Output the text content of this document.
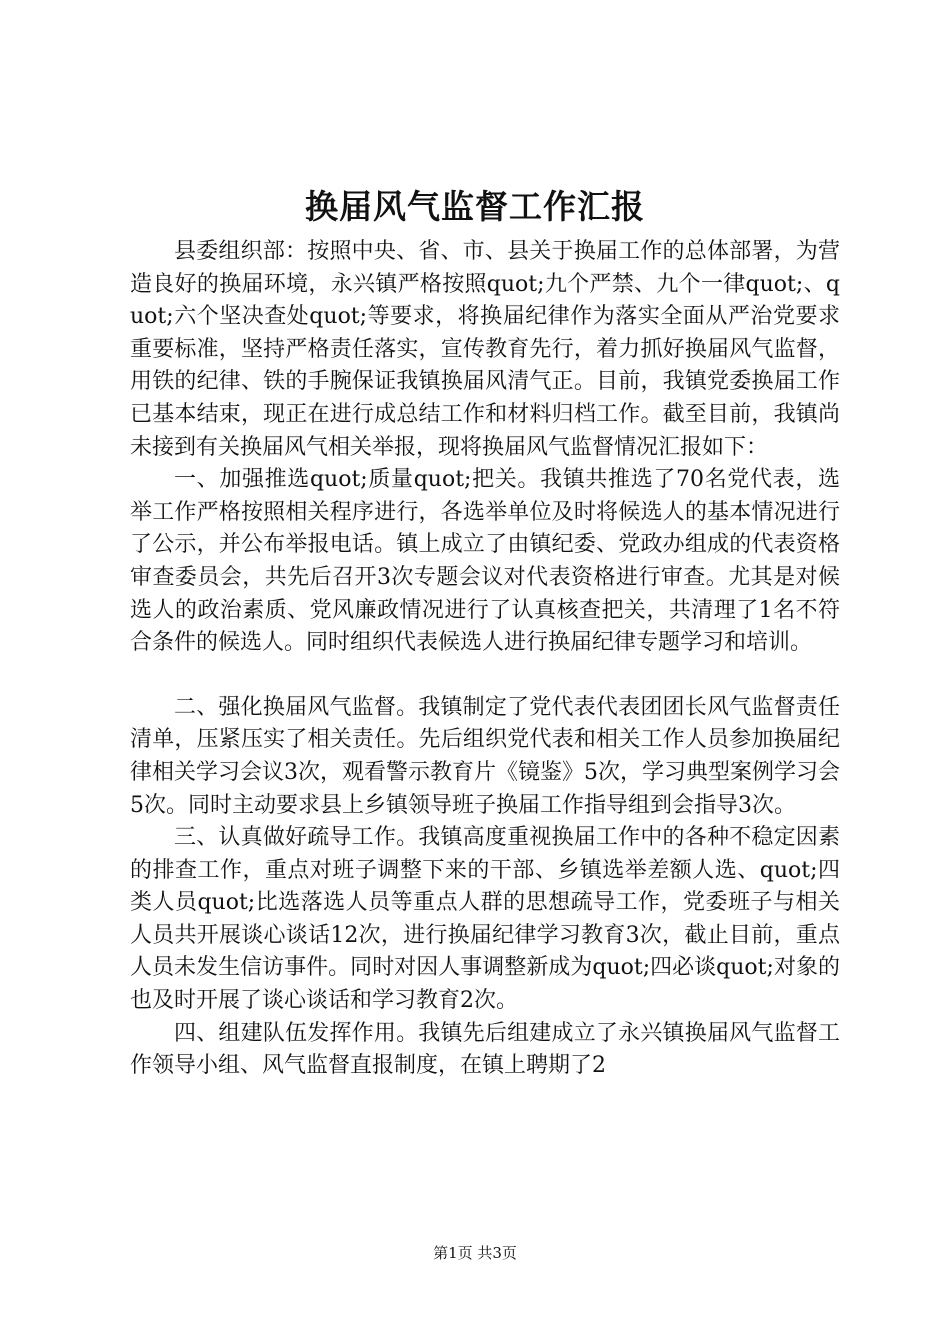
换届风气监督工作汇报

县委组织部：按照中央、省、市、县关于换届工作的总体部署，为营造良好的换届环境，永兴镇严格按照quot;九个严禁、九个一律quot;、quot;六个坚决查处quot;等要求，将换届纪律作为落实全面从严治党要求重要标准，坚持严格责任落实，宣传教育先行，着力抓好换届风气监督，用铁的纪律、铁的手腕保证我镇换届风清气正。目前，我镇党委换届工作已基本结束，现正在进行成总结工作和材料归档工作。截至目前，我镇尚未接到有关换届风气相关举报，现将换届风气监督情况汇报如下：

一、加强推选quot;质量quot;把关。我镇共推选了70名党代表，选举工作严格按照相关程序进行，各选举单位及时将候选人的基本情况进行了公示，并公布举报电话。镇上成立了由镇纪委、党政办组成的代表资格审查委员会，共先后召开3次专题会议对代表资格进行审查。尤其是对候选人的政治素质、党风廉政情况进行了认真核查把关，共清理了1名不符合条件的候选人。同时组织代表候选人进行换届纪律专题学习和培训。

二、强化换届风气监督。我镇制定了党代表代表团团长风气监督责任清单，压紧压实了相关责任。先后组织党代表和相关工作人员参加换届纪律相关学习会议3次，观看警示教育片《镜鉴》5次，学习典型案例学习会5次。同时主动要求县上乡镇领导班子换届工作指导组到会指导3次。

三、认真做好疏导工作。我镇高度重视换届工作中的各种不稳定因素的排查工作，重点对班子调整下来的干部、乡镇选举差额人选、quot;四类人员quot;比选落选人员等重点人群的思想疏导工作，党委班子与相关人员共开展谈心谈话12次，进行换届纪律学习教育3次，截止目前，重点人员未发生信访事件。同时对因人事调整新成为quot;四必谈quot;对象的也及时开展了谈心谈话和学习教育2次。

四、组建队伍发挥作用。我镇先后组建成立了永兴镇换届风气监督工作领导小组、风气监督直报制度，在镇上聘期了2

第1页 共3页
